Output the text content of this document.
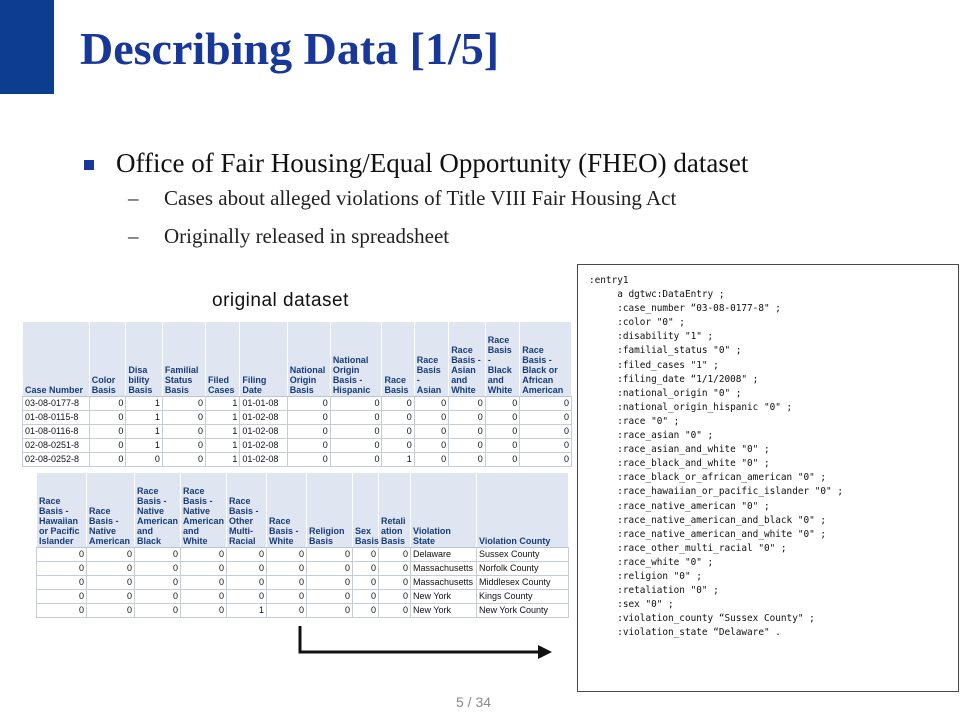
Describing Data [1/5]
Office of Fair Housing/Equal Opportunity (FHEO) dataset
–	Cases about alleged violations of Title VIII Fair Housing Act
–	Originally released in spreadsheet
original dataset
Case Number	Color Basis	Disa bility Basis	Familial Status Basis	Filed Cases	Filing Date	National Origin Basis	National Origin Basis - Hispanic	Race Basis	Race Basis - Asian	Race Basis - Asian and White	Race Basis - Black and White	Race Basis - Black or African American
03-08-0177-8	0	1	0	1	01-01-08	0	0	0	0	0	0	0
01-08-0115-8	0	1	0	1	01-02-08	0	0	0	0	0	0	0
01-08-0116-8	0	1	0	1	01-02-08	0	0	0	0	0	0	0
02-08-0251-8	0	1	0	1	01-02-08	0	0	0	0	0	0	0
02-08-0252-8	0	0	0	1	01-02-08	0	0	1	0	0	0	0
Race Basis - Hawaiian or Pacific Islander	Race Basis - Native American	Race Basis - Native American and Black	Race Basis - Native American and White	Race Basis - Other Multi- Racial	Race Basis - White	Religion Basis	Sex Basis	Retali ation Basis	Violation State	Violation County
0	0	0	0	0	0	0	0	0	Delaware	Sussex County
0	0	0	0	0	0	0	0	0	Massachusetts	Norfolk County
0	0	0	0	0	0	0	0	0	Massachusetts	Middlesex County
0	0	0	0	0	0	0	0	0	New York	Kings County
0	0	0	0	1	0	0	0	0	New York	New York County
:entry1
a dgtwc:DataEntry ;
:case_number “03-08-0177-8" ;
:color "0" ;
:disability "1" ;
:familial_status "0" ;
:filed_cases "1" ;
:filing_date “1/1/2008" ;
:national_origin "0" ;
:national_origin_hispanic "0" ;
:race "0" ;
:race_asian "0" ;
:race_asian_and_white "0" ;
:race_black_and_white "0" ;
:race_black_or_african_american "0" ;
:race_hawaiian_or_pacific_islander "0" ;
:race_native_american "0" ;
:race_native_american_and_black "0" ;
:race_native_american_and_white "0" ;
:race_other_multi_racial "0" ;
:race_white "0" ;
:religion "0" ;
:retaliation "0" ;
:sex "0" ;
:violation_county “Sussex County" ;
:violation_state “Delaware" .
5 / 34
